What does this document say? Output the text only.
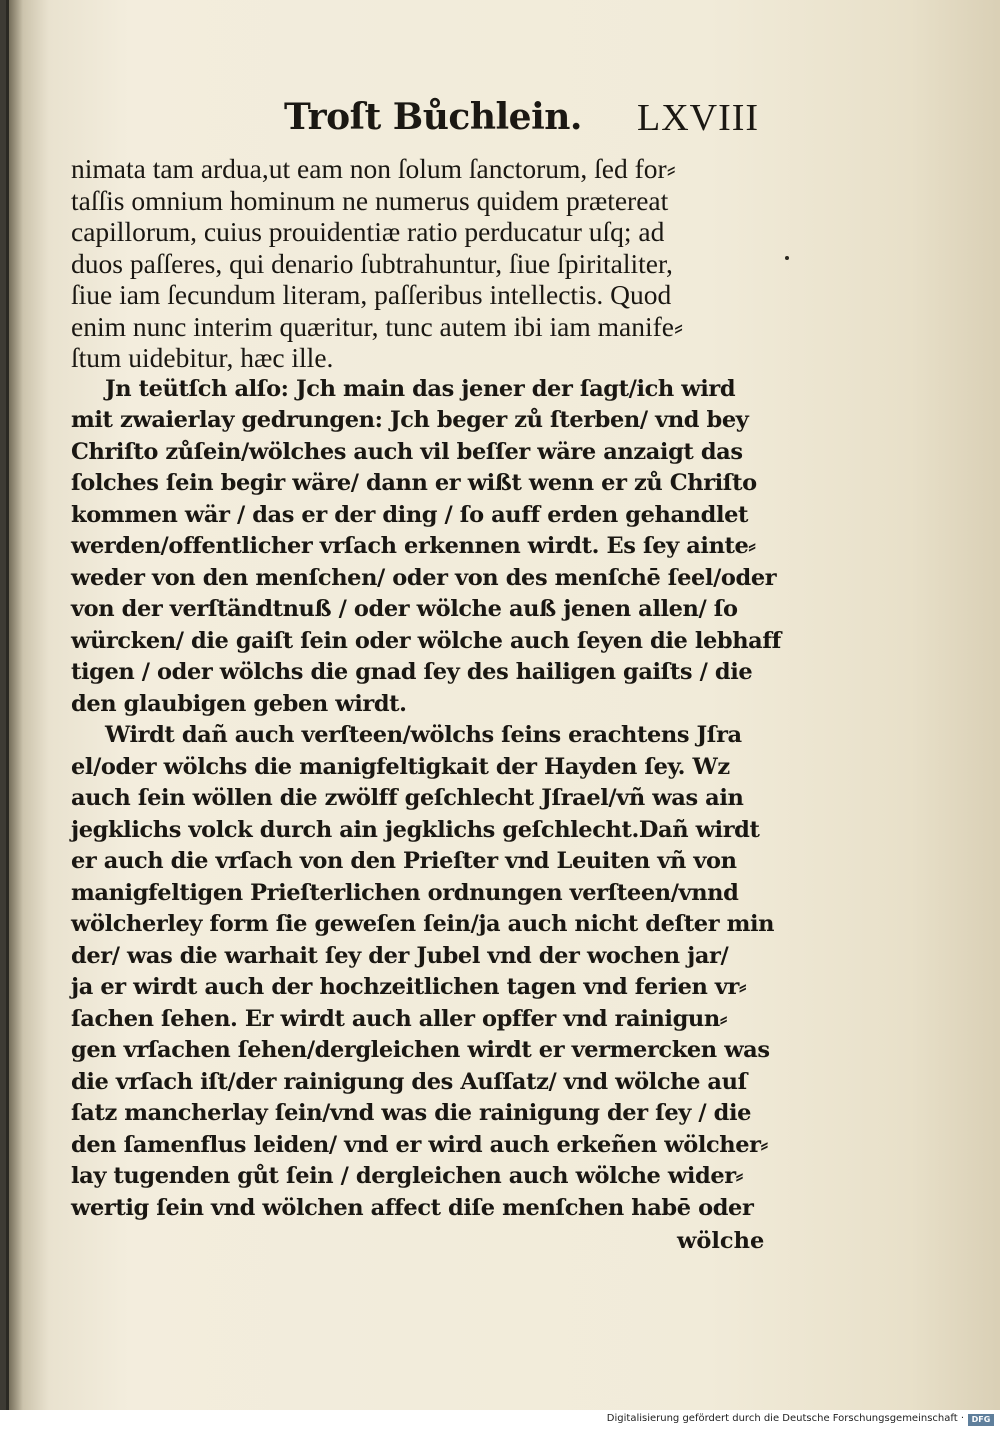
Troſt Bůchlein. LXVIII
nimata tam ardua,ut eam non ſolum ſanctorum, ſed for⸗
taſſis omnium hominum ne numerus quidem prætereat
capillorum, cuius prouidentiæ ratio perducatur uſq; ad
duos paſſeres, qui denario ſubtrahuntur, ſiue ſpiritaliter,
ſiue iam ſecundum literam, paſſeribus intellectis. Quod
enim nunc interim quæritur, tunc autem ibi iam manife⸗
ſtum uidebitur, hæc ille.
Jn teütſch alſo: Jch main das jener der ſagt/ich wird
mit zwaierlay gedrungen: Jch beger zů ſterben/ vnd bey
Chriſto zůſein/wölches auch vil beſſer wäre anzaigt das
ſolches ſein begir wäre/ dann er wißt wenn er zů Chriſto
kommen wär / das er der ding / ſo auff erden gehandlet
werden/offentlicher vrſach erkennen wirdt. Es ſey ainte⸗
weder von den menſchen/ oder von des menſchē ſeel/oder
von der verſtändtnuß / oder wölche auß jenen allen/ ſo
würcken/ die gaiſt ſein oder wölche auch ſeyen die lebhaff
tigen / oder wölchs die gnad ſey des hailigen gaiſts / die
den glaubigen geben wirdt.
Wirdt dañ auch verſteen/wölchs ſeins erachtens Jſra
el/oder wölchs die manigfeltigkait der Hayden ſey. Wz
auch ſein wöllen die zwölff geſchlecht Jſrael/vñ was ain
jegklichs volck durch ain jegklichs geſchlecht.Dañ wirdt
er auch die vrſach von den Prieſter vnd Leuiten vñ von
manigfeltigen Prieſterlichen ordnungen verſteen/vnnd
wölcherley form ſie geweſen ſein/ja auch nicht deſter min
der/ was die warhait ſey der Jubel vnd der wochen jar/
ja er wirdt auch der hochzeitlichen tagen vnd ferien vr⸗
ſachen ſehen. Er wirdt auch aller opffer vnd rainigun⸗
gen vrſachen ſehen/dergleichen wirdt er vermercken was
die vrſach iſt/der rainigung des Auſſatz/ vnd wölche auſ
ſatz mancherlay ſein/vnd was die rainigung der ſey / die
den ſamenflus leiden/ vnd er wird auch erkeñen wölcher⸗
lay tugenden gůt ſein / dergleichen auch wölche wider⸗
wertig ſein vnd wölchen affect diſe menſchen habē oder
wölche
Digitalisierung gefördert durch die Deutsche Forschungsgemeinschaft · DFG
